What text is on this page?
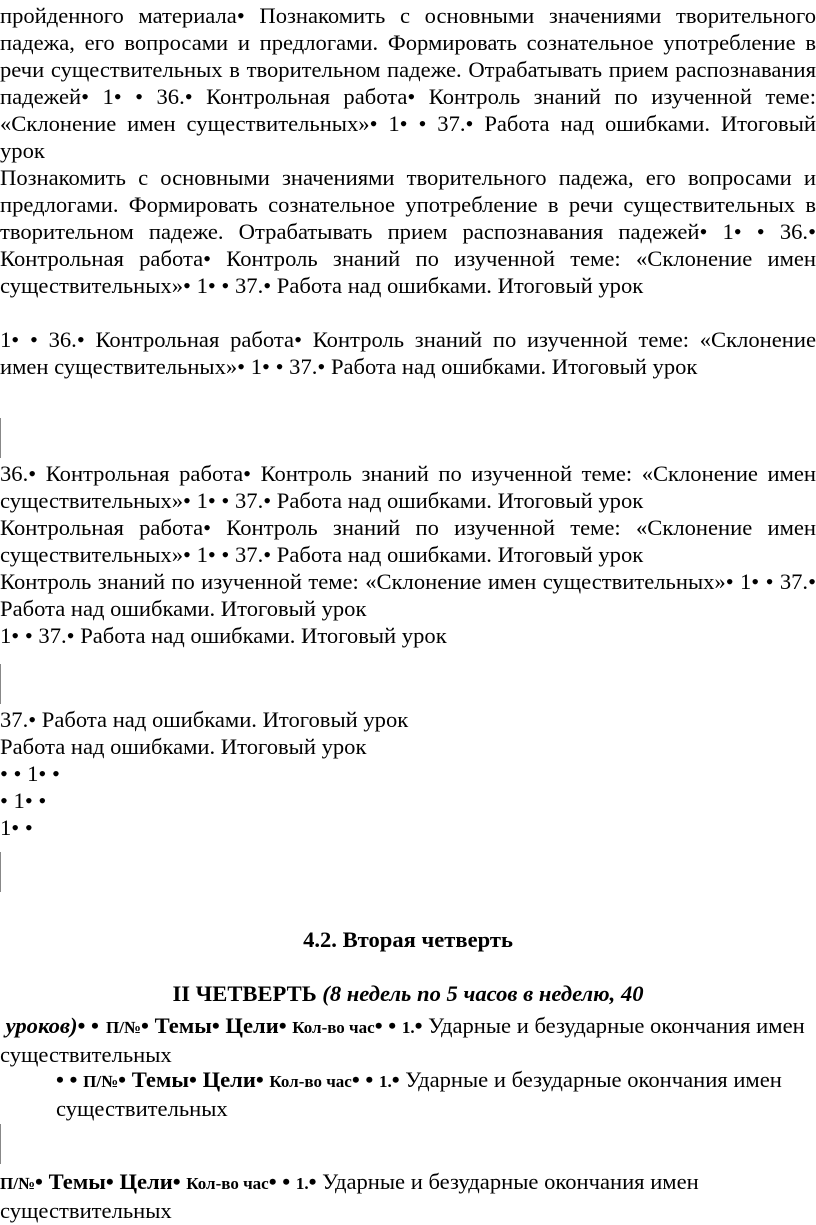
пройденного материала• Познакомить с основными значениями творительного падежа, его вопросами и предлогами. Формировать сознательное употребление в речи существительных в творительном падеже. Отрабатывать прием распознавания падежей• 1• • 36.• Контрольная работа• Контроль знаний по изученной теме: «Склонение имен существительных»• 1• • 37.• Работа над ошибками. Итоговый урок

Познакомить с основными значениями творительного падежа, его вопросами и предлогами. Формировать сознательное употребление в речи существительных в творительном падеже. Отрабатывать прием распознавания падежей• 1• • 36.• Контрольная работа• Контроль знаний по изученной теме: «Склонение имен существительных»• 1• • 37.• Работа над ошибками. Итоговый урок

1• • 36.• Контрольная работа• Контроль знаний по изученной теме: «Склонение имен существительных»• 1• • 37.• Работа над ошибками. Итоговый урок

36.• Контрольная работа• Контроль знаний по изученной теме: «Склонение имен существительных»• 1• • 37.• Работа над ошибками. Итоговый урок

Контрольная работа• Контроль знаний по изученной теме: «Склонение имен существительных»• 1• • 37.• Работа над ошибками. Итоговый урок

Контроль знаний по изученной теме: «Склонение имен существительных»• 1• • 37.• Работа над ошибками. Итоговый урок

1• • 37.• Работа над ошибками. Итоговый урок

37.• Работа над ошибками. Итоговый урок

Работа над ошибками. Итоговый урок

• • 1• •

• 1• •

1• •

4.2. Вторая четверть

II ЧЕТВЕРТЬ (8 недель по 5 часов в неделю, 40

уроков)• • П/№• Темы• Цели• Кол-во час• • 1.• Ударные и безударные окончания имен существительных
• • П/№• Темы• Цели• Кол-во час• • 1.• Ударные и безударные окончания имен существительных
П/№• Темы• Цели• Кол-во час• • 1.• Ударные и безударные окончания имен существительных
